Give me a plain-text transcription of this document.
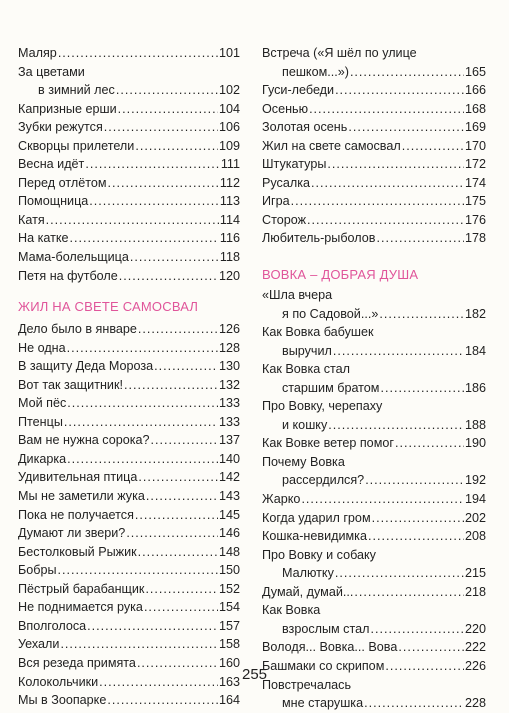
Маляр .....	101
За цветами
в зимний лес .....	102
Капризные ерши .....	104
Зубки режутся .....	106
Скворцы прилетели .....	109
Весна идёт .....	111
Перед отлётом .....	112
Помощница .....	113
Катя .....	114
На катке .....	116
Мама-болельщица .....	118
Петя на футболе .....	120
ЖИЛ НА СВЕТЕ САМОСВАЛ
Дело было в январе .....	126
Не одна .....	128
В защиту Деда Мороза .....	130
Вот так защитник! .....	132
Мой пёс .....	133
Птенцы .....	133
Вам не нужна сорока? .....	137
Дикарка .....	140
Удивительная птица .....	142
Мы не заметили жука .....	143
Пока не получается .....	145
Думают ли звери? .....	146
Бестолковый Рыжик .....	148
Бобры .....	150
Пёстрый барабанщик .....	152
Не поднимается рука .....	154
Вполголоса .....	157
Уехали .....	158
Вся резеда примята .....	160
Колокольчики .....	163
Мы в Зоопарке .....	164
Встреча («Я шёл по улице
пешком...») .....	165
Гуси-лебеди .....	166
Осенью .....	168
Золотая осень .....	169
Жил на свете самосвал .....	170
Штукатуры .....	172
Русалка .....	174
Игра .....	175
Сторож .....	176
Любитель-рыболов .....	178
ВОВКА – ДОБРАЯ ДУША
«Шла вчера
я по Садовой...» .....	182
Как Вовка бабушек
выручил .....	184
Как Вовка стал
старшим братом .....	186
Про Вовку, черепаху
и кошку .....	188
Как Вовке ветер помог .....	190
Почему Вовка
рассердился? .....	192
Жарко .....	194
Когда ударил гром .....	202
Кошка-невидимка .....	208
Про Вовку и собаку
Малютку .....	215
Думай, думай... .....	218
Как Вовка
взрослым стал .....	220
Володя... Вовка... Вова .....	222
Башмаки со скрипом .....	226
Повстречалась
мне старушка .....	228
255
